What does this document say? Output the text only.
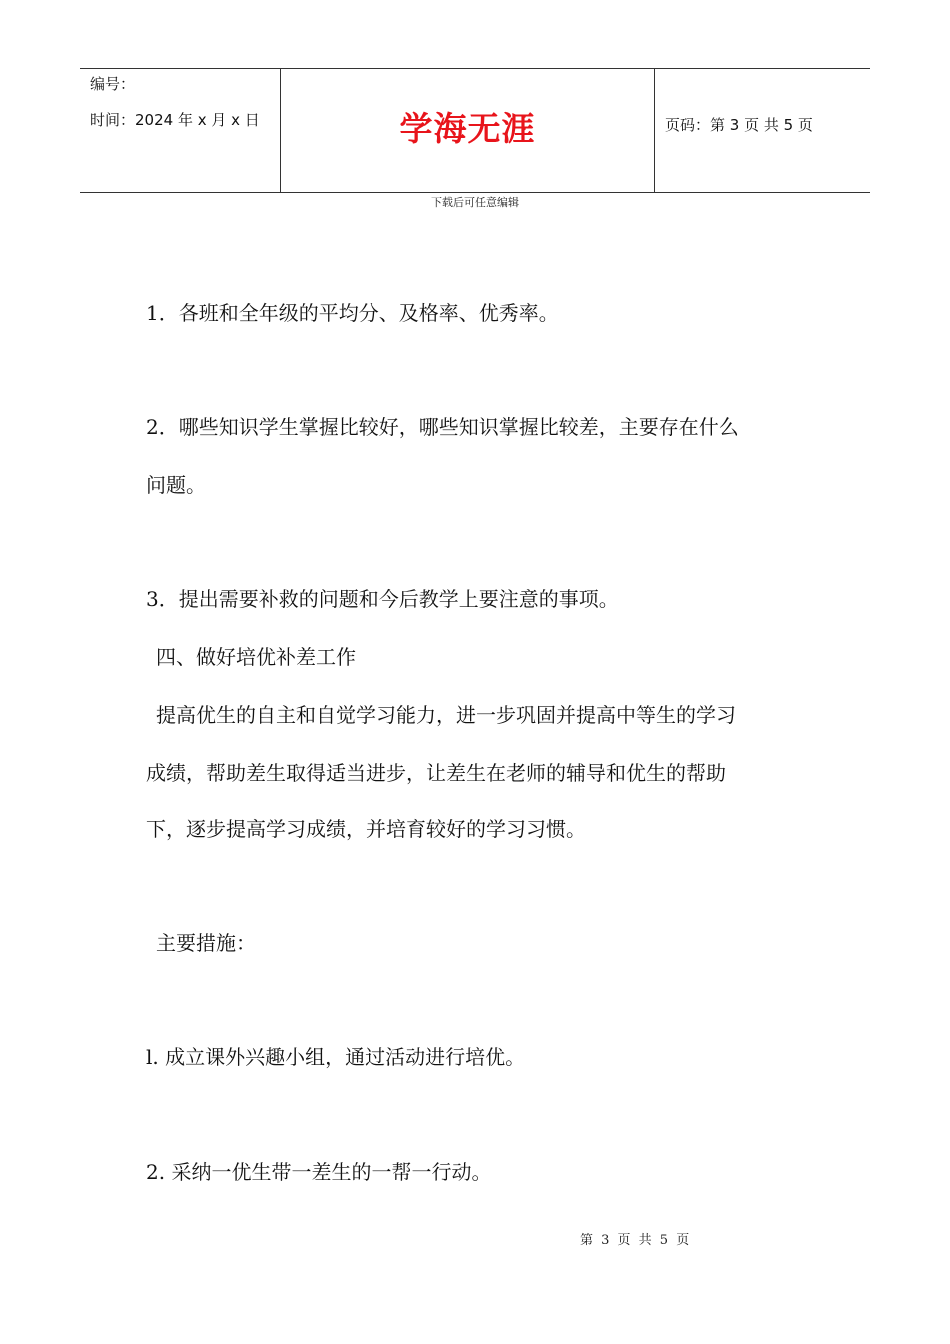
编号：
时间：2024 年 x 月 x 日	学海无涯	页码：第 3 页 共 5 页
下载后可任意编辑
1．各班和全年级的平均分、及格率、优秀率。
2．哪些知识学生掌握比较好，哪些知识掌握比较差，主要存在什么
问题。
3．提出需要补救的问题和今后教学上要注意的事项。
四、做好培优补差工作
提高优生的自主和自觉学习能力，进一步巩固并提高中等生的学习
成绩，帮助差生取得适当进步，让差生在老师的辅导和优生的帮助
下，逐步提高学习成绩，并培育较好的学习习惯。
主要措施：
l. 成立课外兴趣小组，通过活动进行培优。
2. 采纳一优生带一差生的一帮一行动。
第 3 页 共 5 页
